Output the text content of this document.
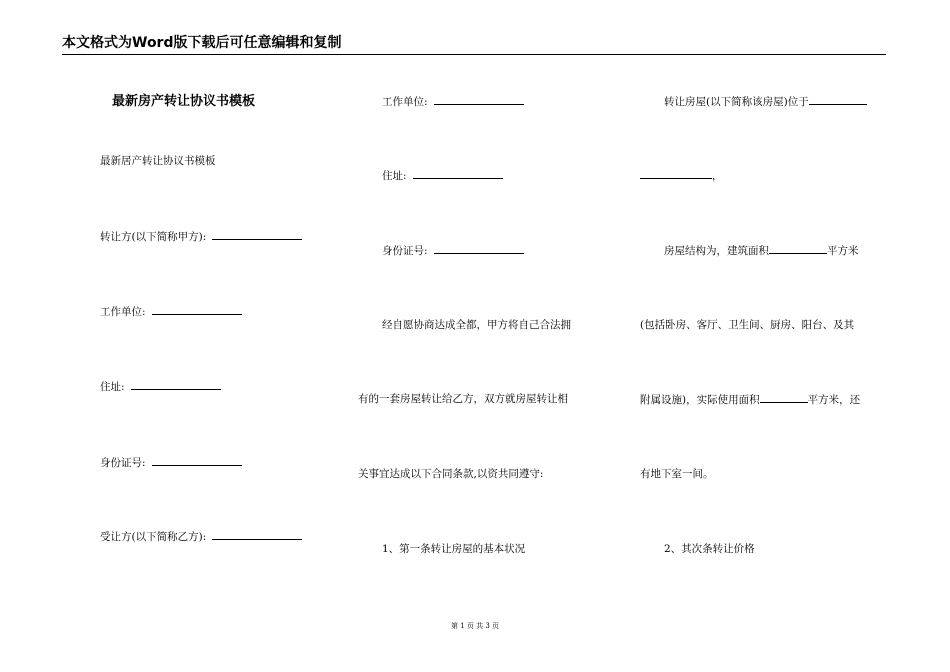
本文格式为Word版下载后可任意编辑和复制
最新房产转让协议书模板
最新居产转让协议书模板
转让方(以下简称甲方):
工作单位:
住址:
身份证号:
受让方(以下简称乙方):
工作单位:
住址:
身份证号:
经自愿协商达成全都，甲方将自己合法拥
有的一套房屋转让给乙方，双方就房屋转让相
关事宜达成以下合同条款,以资共同遵守:
1、第一条转让房屋的基本状况
转让房屋(以下简称该房屋)位于
，
房屋结构为，建筑面积	平方米
(包括卧房、客厅、卫生间、厨房、阳台、及其
附属设施)，实际使用面积	平方米，还
有地下室一间。
2、其次条转让价格
第 1 页 共 3 页
